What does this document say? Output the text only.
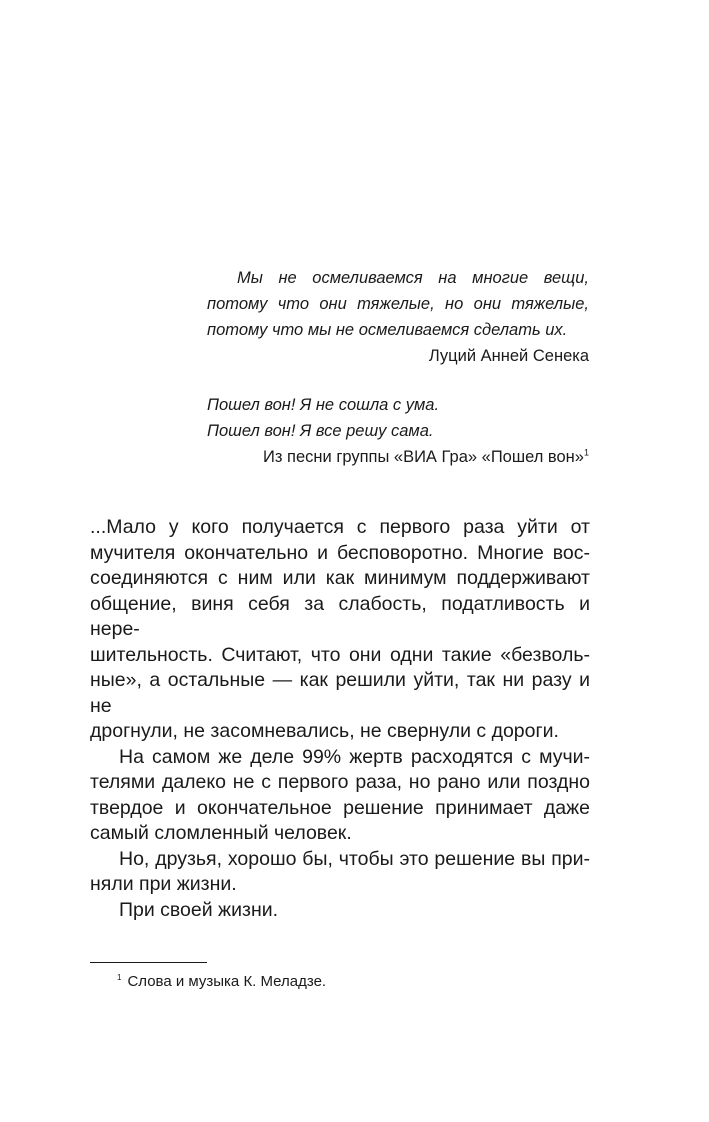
Мы не осмеливаемся на многие вещи,

потому что они тяжелые, но они тяжелые,

потому что мы не осмеливаемся сделать их.

Луций Анней Сенека

Пошел вон! Я не сошла с ума.

Пошел вон! Я все решу сама.

Из песни группы «ВИА Гра» «Пошел вон»$^1$

...Мало у кого получается с первого раза уйти от
мучителя окончательно и бесповоротно. Многие вос-
соединяются с ним или как минимум поддерживают
общение, виня себя за слабость, податливость и нере-
шительность. Считают, что они одни такие «безволь-
ные», а остальные — как решили уйти, так ни разу и не
дрогнули, не засомневались, не свернули с дороги.

На самом же деле 99% жертв расходятся с мучи-
телями далеко не с первого раза, но рано или поздно
твердое и окончательное решение принимает даже
самый сломленный человек.

Но, друзья, хорошо бы, чтобы это решение вы при-
няли при жизни.

При своей жизни.

$^1$ Слова и музыка К. Меладзе.
